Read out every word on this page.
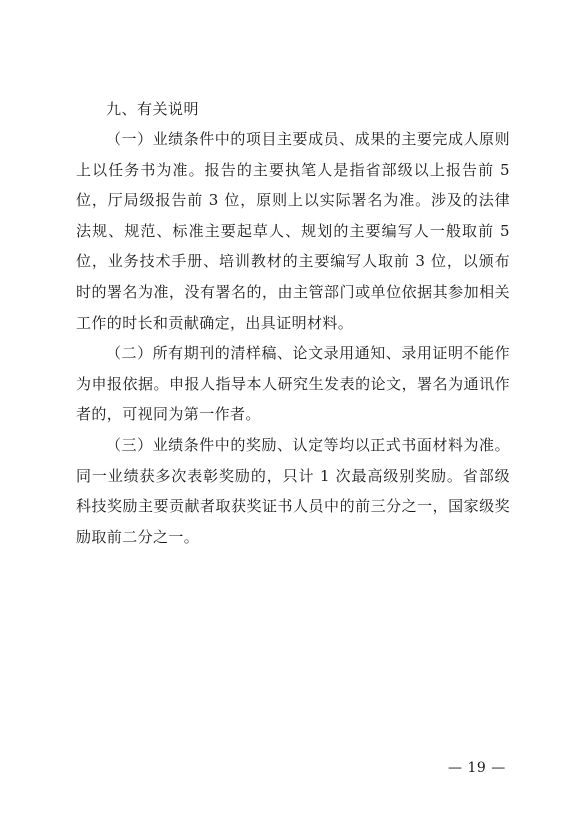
九、有关说明

（一）业绩条件中的项目主要成员、成果的主要完成人原则上以任务书为准。报告的主要执笔人是指省部级以上报告前 5 位，厅局级报告前 3 位，原则上以实际署名为准。涉及的法律法规、规范、标准主要起草人、规划的主要编写人一般取前 5 位，业务技术手册、培训教材的主要编写人取前 3 位，以颁布时的署名为准，没有署名的，由主管部门或单位依据其参加相关工作的时长和贡献确定，出具证明材料。

（二）所有期刊的清样稿、论文录用通知、录用证明不能作为申报依据。申报人指导本人研究生发表的论文，署名为通讯作者的，可视同为第一作者。

（三）业绩条件中的奖励、认定等均以正式书面材料为准。同一业绩获多次表彰奖励的，只计 1 次最高级别奖励。省部级科技奖励主要贡献者取获奖证书人员中的前三分之一，国家级奖励取前二分之一。

— 19 —
